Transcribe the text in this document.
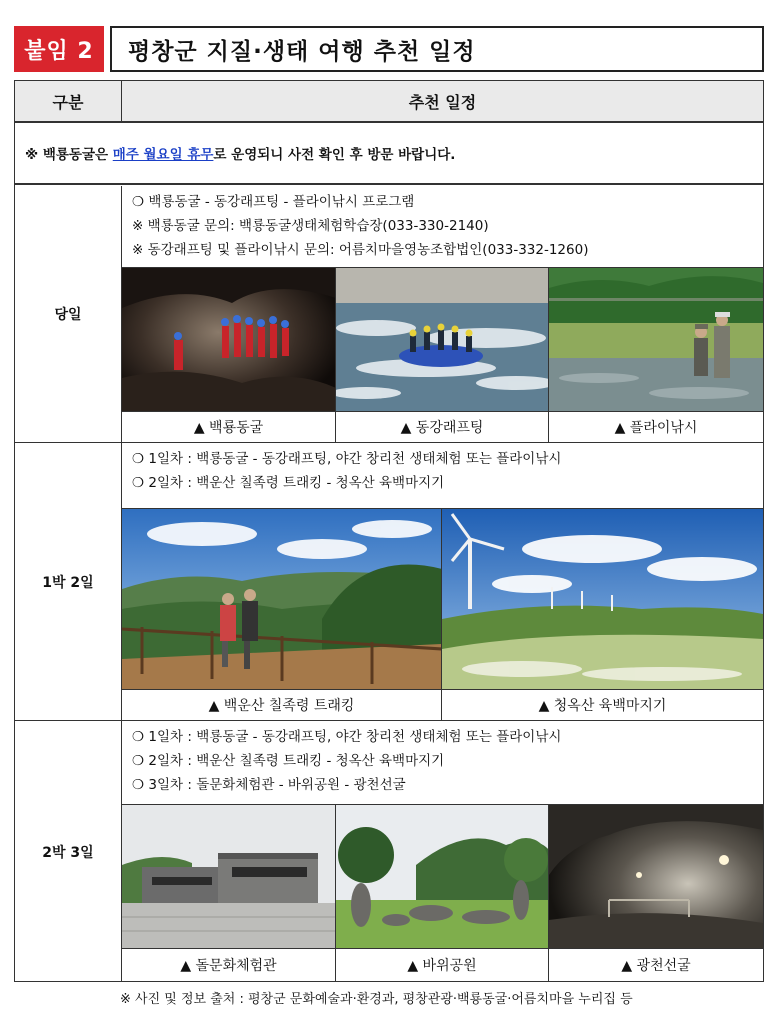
붙임 2	평창군 지질·생태 여행 추천 일정
구분	추천 일정
※ 백룡동굴은 매주 월요일 휴무 로 운영되니 사전 확인 후 방문 바랍니다.
당일
❍ 백룡동굴 - 동강래프팅 - 플라이낚시 프로그램
※ 백룡동굴 문의: 백룡동굴생태체험학습장(033-330-2140)
※ 동강래프팅 및 플라이낚시 문의: 어름치마을영농조합법인(033-332-1260)
▲ 백룡동굴	▲ 동강래프팅	▲ 플라이낚시
1박 2일
❍ 1일차 : 백룡동굴 - 동강래프팅, 야간 창리천 생태체험 또는 플라이낚시
❍ 2일차 : 백운산 칠족령 트래킹 - 청옥산 육백마지기
▲ 백운산 칠족령 트래킹	▲ 청옥산 육백마지기
2박 3일
❍ 1일차 : 백룡동굴 - 동강래프팅, 야간 창리천 생태체험 또는 플라이낚시
❍ 2일차 : 백운산 칠족령 트래킹 - 청옥산 육백마지기
❍ 3일차 : 돌문화체험관 - 바위공원 - 광천선굴
▲ 돌문화체험관	▲ 바위공원	▲ 광천선굴
※ 사진 및 정보 출처 : 평창군 문화예술과·환경과, 평창관광·백룡동굴·어름치마을 누리집 등
